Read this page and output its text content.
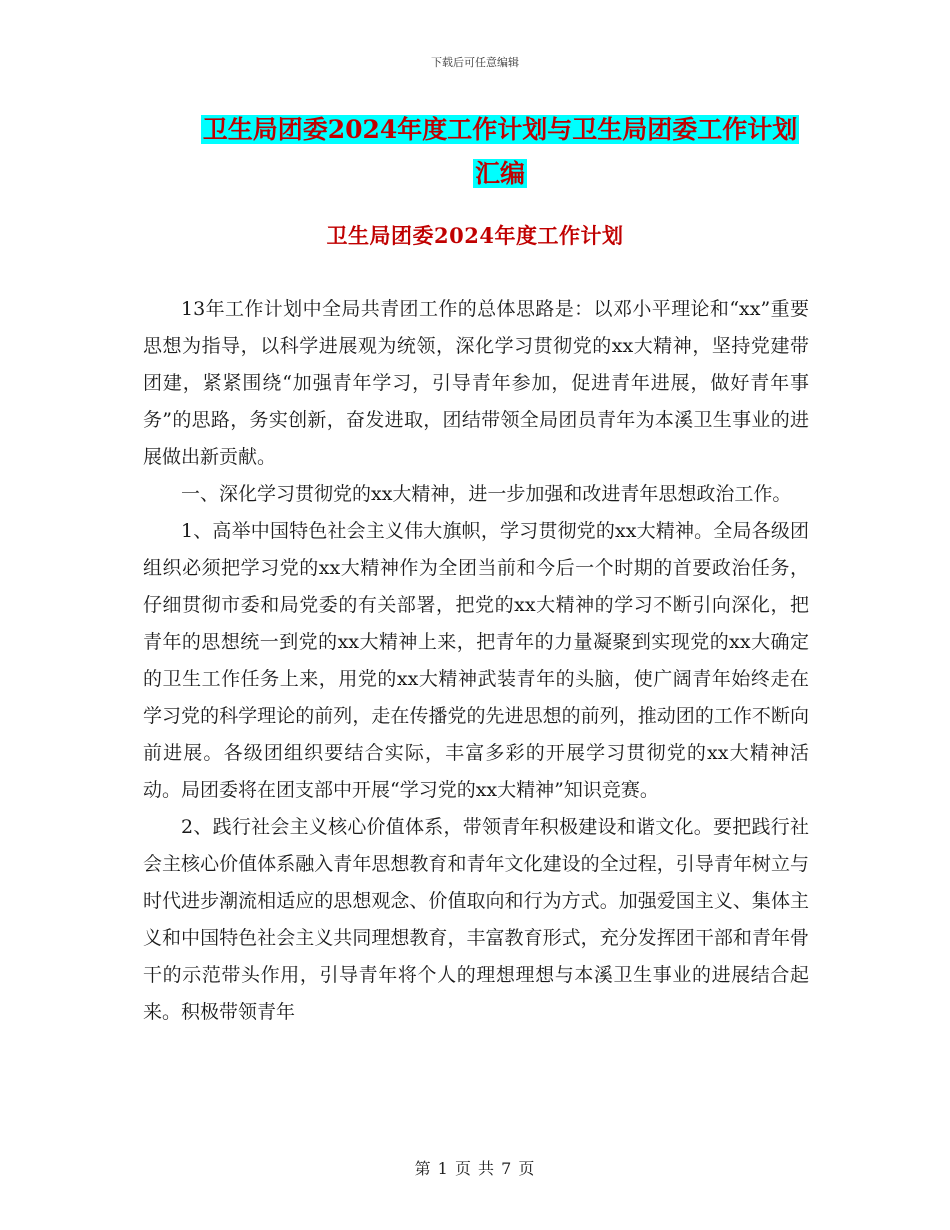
下载后可任意编辑
卫生局团委2024年度工作计划与卫生局团委工作计划
汇编
卫生局团委2024年度工作计划

13年工作计划中全局共青团工作的总体思路是：以邓小平理论和“xx”重要思想为指导，以科学进展观为统领，深化学习贯彻党的xx大精神，坚持党建带团建，紧紧围绕“加强青年学习，引导青年参加，促进青年进展，做好青年事务”的思路，务实创新，奋发进取，团结带领全局团员青年为本溪卫生事业的进展做出新贡献。

一、深化学习贯彻党的xx大精神，进一步加强和改进青年思想政治工作。

1、高举中国特色社会主义伟大旗帜，学习贯彻党的xx大精神。全局各级团组织必须把学习党的xx大精神作为全团当前和今后一个时期的首要政治任务，仔细贯彻市委和局党委的有关部署，把党的xx大精神的学习不断引向深化，把青年的思想统一到党的xx大精神上来，把青年的力量凝聚到实现党的xx大确定的卫生工作任务上来，用党的xx大精神武装青年的头脑，使广阔青年始终走在学习党的科学理论的前列，走在传播党的先进思想的前列，推动团的工作不断向前进展。各级团组织要结合实际，丰富多彩的开展学习贯彻党的xx大精神活动。局团委将在团支部中开展“学习党的xx大精神”知识竞赛。

2、践行社会主义核心价值体系，带领青年积极建设和谐文化。要把践行社会主核心价值体系融入青年思想教育和青年文化建设的全过程，引导青年树立与时代进步潮流相适应的思想观念、价值取向和行为方式。加强爱国主义、集体主义和中国特色社会主义共同理想教育，丰富教育形式，充分发挥团干部和青年骨干的示范带头作用，引导青年将个人的理想理想与本溪卫生事业的进展结合起来。积极带领青年

第 1 页 共 7 页
